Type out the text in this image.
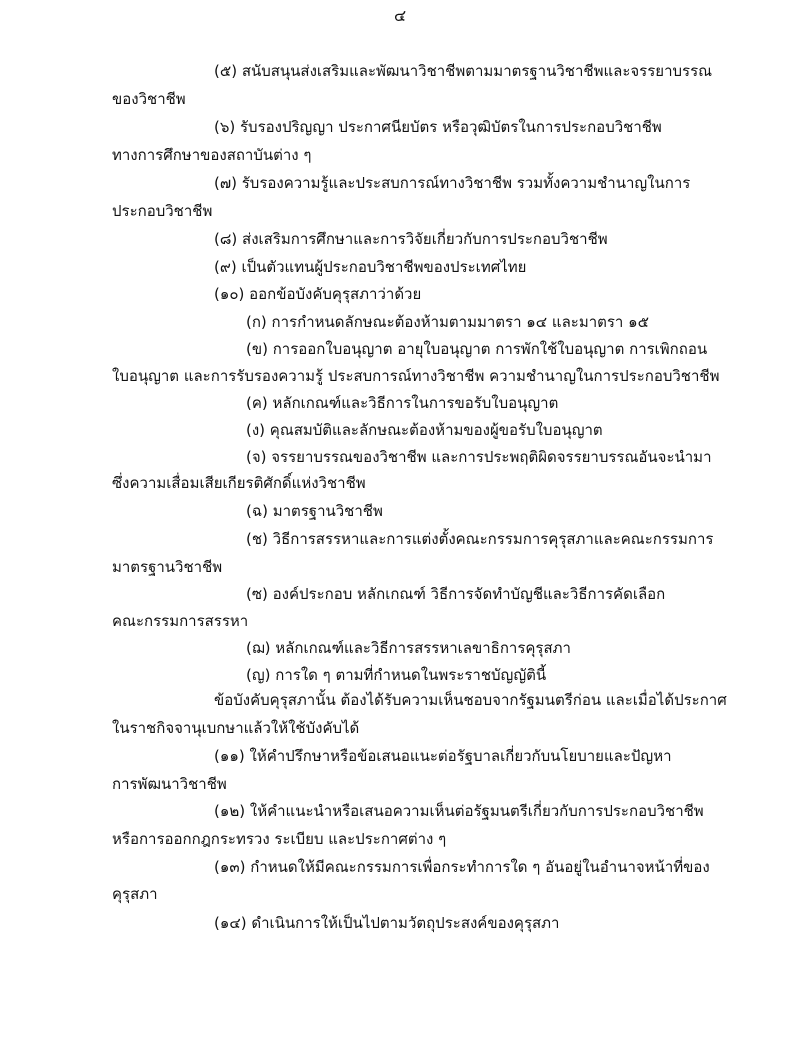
๔
(๕) สนับสนุนส่งเสริมและพัฒนาวิชาชีพตามมาตรฐานวิชาชีพและจรรยาบรรณ
ของวิชาชีพ
(๖) รับรองปริญญา ประกาศนียบัตร หรือวุฒิบัตรในการประกอบวิชาชีพ
ทางการศึกษาของสถาบันต่าง ๆ
(๗) รับรองความรู้และประสบการณ์ทางวิชาชีพ รวมทั้งความชำนาญในการ
ประกอบวิชาชีพ
(๘) ส่งเสริมการศึกษาและการวิจัยเกี่ยวกับการประกอบวิชาชีพ
(๙) เป็นตัวแทนผู้ประกอบวิชาชีพของประเทศไทย
(๑๐) ออกข้อบังคับคุรุสภาว่าด้วย
(ก) การกำหนดลักษณะต้องห้ามตามมาตรา ๑๔ และมาตรา ๑๕
(ข) การออกใบอนุญาต อายุใบอนุญาต การพักใช้ใบอนุญาต การเพิกถอน
ใบอนุญาต และการรับรองความรู้ ประสบการณ์ทางวิชาชีพ ความชำนาญในการประกอบวิชาชีพ
(ค) หลักเกณฑ์และวิธีการในการขอรับใบอนุญาต
(ง) คุณสมบัติและลักษณะต้องห้ามของผู้ขอรับใบอนุญาต
(จ) จรรยาบรรณของวิชาชีพ และการประพฤติผิดจรรยาบรรณอันจะนำมา
ซึ่งความเสื่อมเสียเกียรติศักดิ์แห่งวิชาชีพ
(ฉ) มาตรฐานวิชาชีพ
(ช) วิธีการสรรหาและการแต่งตั้งคณะกรรมการคุรุสภาและคณะกรรมการ
มาตรฐานวิชาชีพ
(ซ) องค์ประกอบ หลักเกณฑ์ วิธีการจัดทำบัญชีและวิธีการคัดเลือก
คณะกรรมการสรรหา
(ฌ) หลักเกณฑ์และวิธีการสรรหาเลขาธิการคุรุสภา
(ญ) การใด ๆ ตามที่กำหนดในพระราชบัญญัตินี้
ข้อบังคับคุรุสภานั้น ต้องได้รับความเห็นชอบจากรัฐมนตรีก่อน และเมื่อได้ประกาศ
ในราชกิจจานุเบกษาแล้วให้ใช้บังคับได้
(๑๑) ให้คำปรึกษาหรือข้อเสนอแนะต่อรัฐบาลเกี่ยวกับนโยบายและปัญหา
การพัฒนาวิชาชีพ
(๑๒) ให้คำแนะนำหรือเสนอความเห็นต่อรัฐมนตรีเกี่ยวกับการประกอบวิชาชีพ
หรือการออกกฎกระทรวง ระเบียบ และประกาศต่าง ๆ
(๑๓) กำหนดให้มีคณะกรรมการเพื่อกระทำการใด ๆ อันอยู่ในอำนาจหน้าที่ของ
คุรุสภา
(๑๔) ดำเนินการให้เป็นไปตามวัตถุประสงค์ของคุรุสภา
